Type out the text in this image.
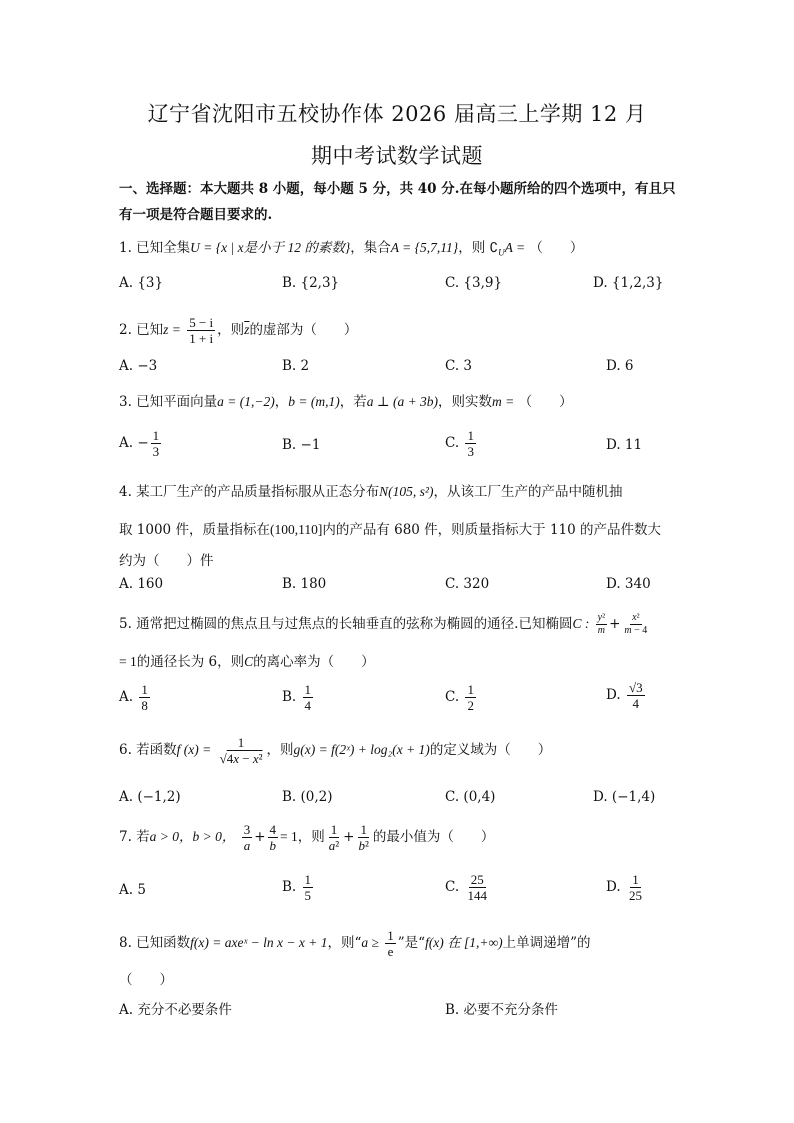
辽宁省沈阳市五校协作体 2026 届高三上学期 12 月
期中考试数学试题
一、选择题：本大题共 8 小题，每小题 5 分，共 40 分.在每小题所给的四个选项中，有且只有一项是符合题目要求的.
1. 已知全集U = {x | x是小于 12 的素数}，集合A = {5,7,11}，则 $∁_UA$ = （　　）
A. {3}	B. {2,3}	C. {3,9}	D. {1,2,3}
2. 已知$z = \frac{5 - i}{1 + i}$ ，则$\overline{z}$的虚部为（　　）
A. −3	B. 2	C. 3	D. 6
3. 已知平面向量a = (1,−2)，b = (m,1)，若a ⊥ (a + 3b)，则实数m = （　　）
A. − $\frac{1}{3}$	B. −1	C. $\frac{1}{3}$	D. 11
4. 某工厂生产的产品质量指标服从正态分布N(105, s²)，从该工厂生产的产品中随机抽
取 1000 件，质量指标在(100,110]内的产品有 680 件，则质量指标大于 110 的产品件数大
约为（　　）件
A. 160	B. 180	C. 320	D. 340
5. 通常把过椭圆的焦点且与过焦点的长轴垂直的弦称为椭圆的通径.已知椭圆C : $\frac{\text{y²}}{m} + \frac{\text{x²}}{m - 4}$
= 1的通径长为 6，则C的离心率为（　　）
A. $\frac{1}{8}$	B. $\frac{1}{4}$	C. $\frac{1}{2}$	D. $\frac{√3}{4}$
6. 若函数f $(x) = \frac{1}{\text{√4x − x²}}$ ，则g(x) = f(2ˣ) + log₂(x + 1)的定义域为（　　）
A. (−1,2)	B. (0,2)	C. (0,4)	D. (−1,4)
7. 若a > 0，b > 0， $\frac{3}{a} + \frac{4}{b} = 1$，则 $\frac{1}{\text{a²}} + \frac{1}{\text{b²}}$ 的最小值为（　　）
A. 5	B. $\frac{1}{5}$	C. $\frac{25}{144}$	D. $\frac{1}{25}$
8. 已知函数f(x) = axeˣ − ln x − x + 1，则“$a \ge \frac{1}{e}$ ”是“f(x) 在 [1,+∞)上单调递增”的
（　　）
A. 充分不必要条件	B. 必要不充分条件
